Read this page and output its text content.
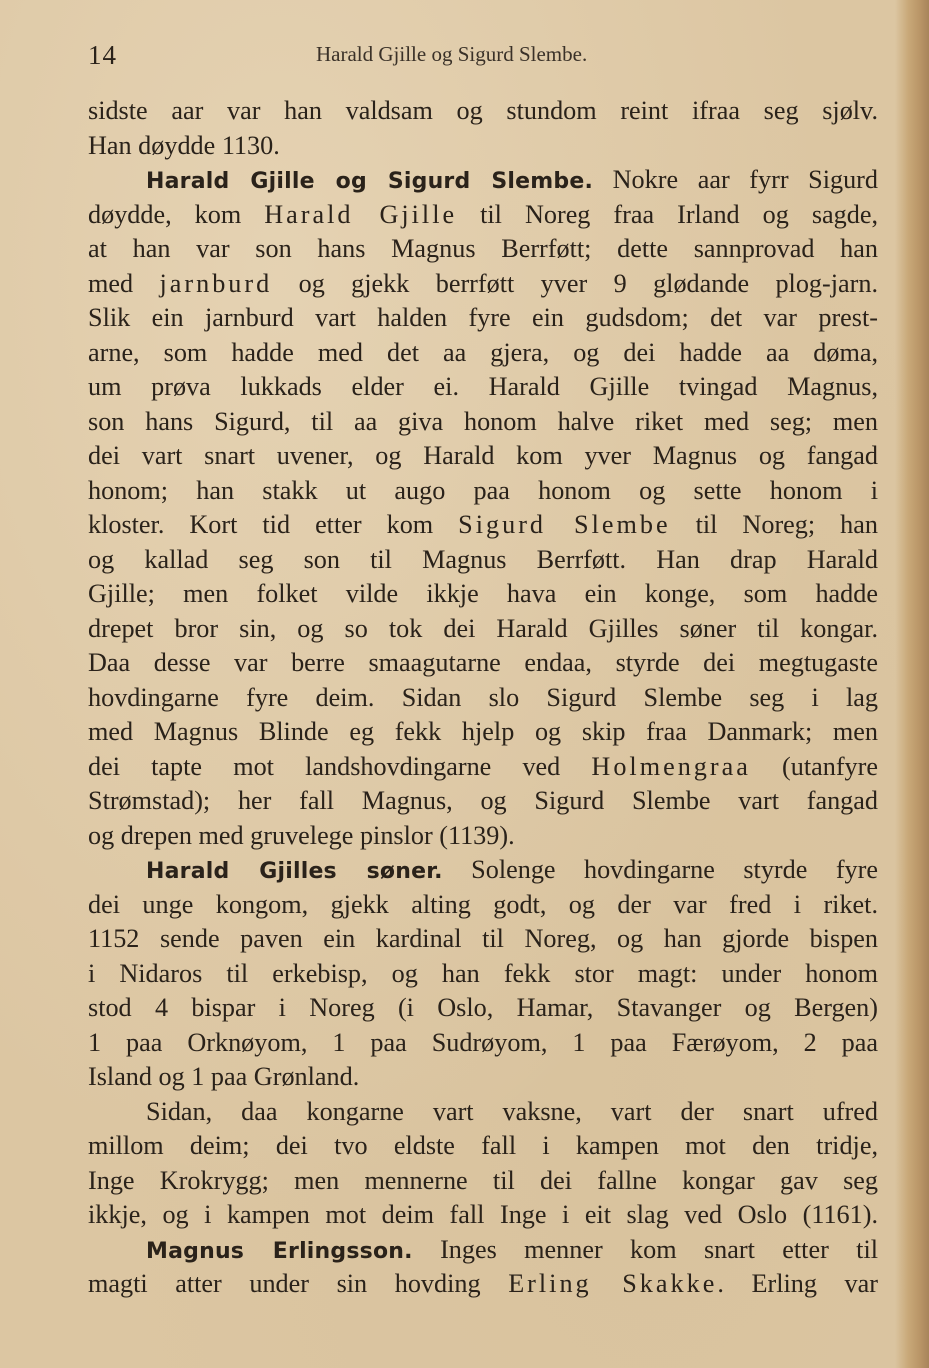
14	Harald Gjille og Sigurd Slembe.
sidste aar var han valdsam og stundom reint ifraa seg sjølv.
Han døydde 1130.
Harald Gjille og Sigurd Slembe. Nokre aar fyrr Sigurd
døydde, kom Harald Gjille til Noreg fraa Irland og sagde,
at han var son hans Magnus Berrføtt; dette sannprovad han
med jarnburd og gjekk berrføtt yver 9 glødande plog-jarn.
Slik ein jarnburd vart halden fyre ein gudsdom; det var prest-
arne, som hadde med det aa gjera, og dei hadde aa døma,
um prøva lukkads elder ei. Harald Gjille tvingad Magnus,
son hans Sigurd, til aa giva honom halve riket med seg; men
dei vart snart uvener, og Harald kom yver Magnus og fangad
honom; han stakk ut augo paa honom og sette honom i
kloster. Kort tid etter kom Sigurd Slembe til Noreg; han
og kallad seg son til Magnus Berrføtt. Han drap Harald
Gjille; men folket vilde ikkje hava ein konge, som hadde
drepet bror sin, og so tok dei Harald Gjilles søner til kongar.
Daa desse var berre smaagutarne endaa, styrde dei megtugaste
hovdingarne fyre deim. Sidan slo Sigurd Slembe seg i lag
med Magnus Blinde eg fekk hjelp og skip fraa Danmark; men
dei tapte mot landshovdingarne ved Holmengraa (utanfyre
Strømstad); her fall Magnus, og Sigurd Slembe vart fangad
og drepen med gruvelege pinslor (1139).
Harald Gjilles søner. Solenge hovdingarne styrde fyre
dei unge kongom, gjekk alting godt, og der var fred i riket.
1152 sende paven ein kardinal til Noreg, og han gjorde bispen
i Nidaros til erkebisp, og han fekk stor magt: under honom
stod 4 bispar i Noreg (i Oslo, Hamar, Stavanger og Bergen)
1 paa Orknøyom, 1 paa Sudrøyom, 1 paa Færøyom, 2 paa
Island og 1 paa Grønland.
Sidan, daa kongarne vart vaksne, vart der snart ufred
millom deim; dei tvo eldste fall i kampen mot den tridje,
Inge Krokrygg; men mennerne til dei fallne kongar gav seg
ikkje, og i kampen mot deim fall Inge i eit slag ved Oslo (1161).
Magnus Erlingsson. Inges menner kom snart etter til
magti atter under sin hovding Erling Skakke. Erling var
